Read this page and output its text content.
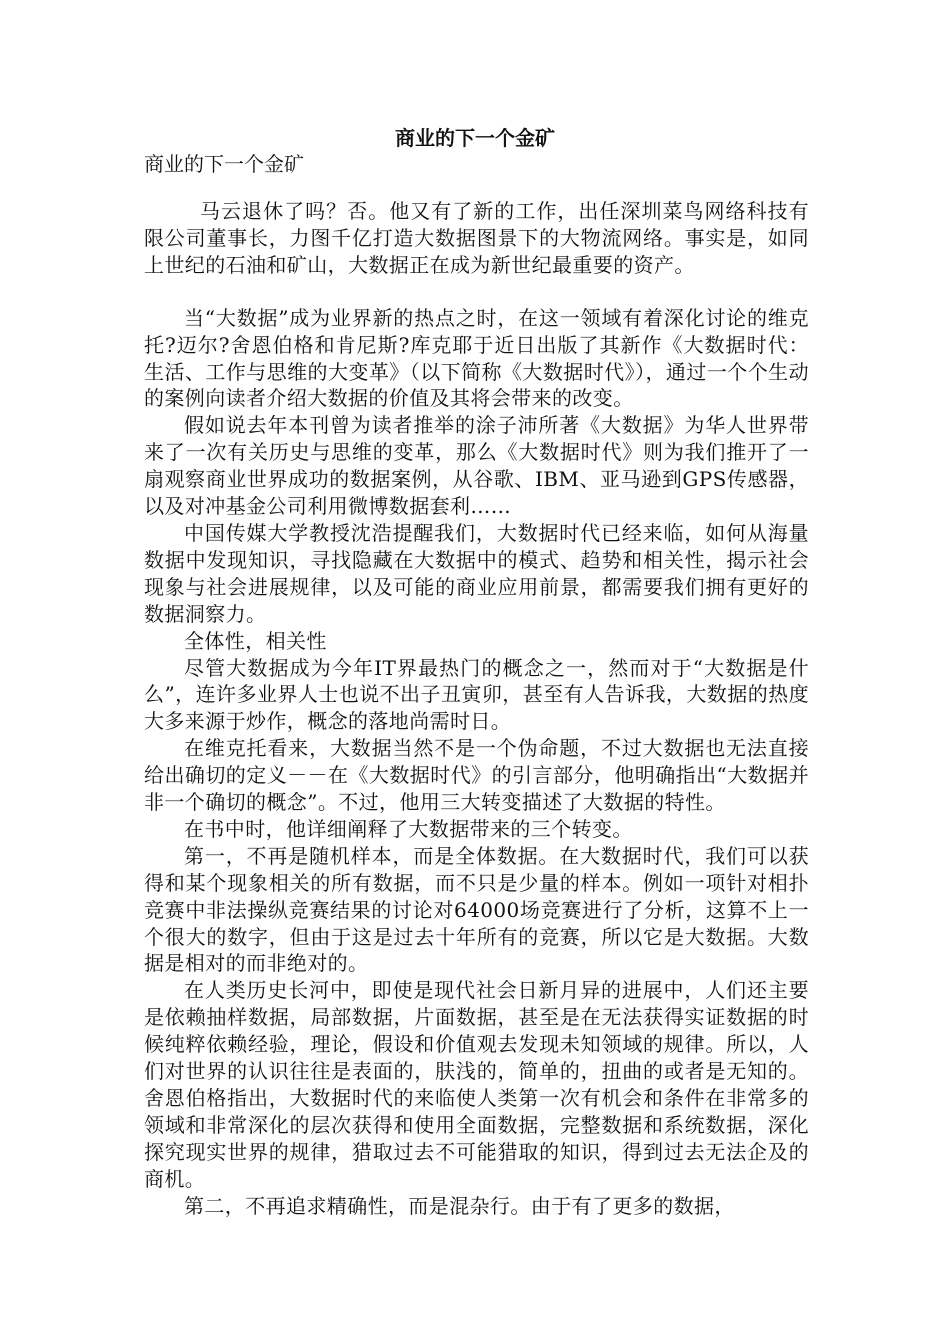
商业的下一个金矿
商业的下一个金矿

马云退休了吗？否。他又有了新的工作，出任深圳菜鸟网络科技有限公司董事长，力图千亿打造大数据图景下的大物流网络。事实是，如同上世纪的石油和矿山，大数据正在成为新世纪最重要的资产。

当“大数据”成为业界新的热点之时，在这一领域有着深化讨论的维克托?迈尔?舍恩伯格和肯尼斯?库克耶于近日出版了其新作《大数据时代：生活、工作与思维的大变革》（以下简称《大数据时代》），通过一个个生动的案例向读者介绍大数据的价值及其将会带来的改变。

假如说去年本刊曾为读者推举的涂子沛所著《大数据》为华人世界带来了一次有关历史与思维的变革，那么《大数据时代》则为我们推开了一扇观察商业世界成功的数据案例，从谷歌、IBM、亚马逊到GPS传感器，以及对冲基金公司利用微博数据套利……

中国传媒大学教授沈浩提醒我们，大数据时代已经来临，如何从海量数据中发现知识，寻找隐藏在大数据中的模式、趋势和相关性，揭示社会现象与社会进展规律，以及可能的商业应用前景，都需要我们拥有更好的数据洞察力。

全体性，相关性

尽管大数据成为今年IT界最热门的概念之一，然而对于“大数据是什么”，连许多业界人士也说不出子丑寅卯，甚至有人告诉我，大数据的热度大多来源于炒作，概念的落地尚需时日。

在维克托看来，大数据当然不是一个伪命题，不过大数据也无法直接给出确切的定义－－在《大数据时代》的引言部分，他明确指出“大数据并非一个确切的概念”。不过，他用三大转变描述了大数据的特性。

在书中时，他详细阐释了大数据带来的三个转变。

第一，不再是随机样本，而是全体数据。在大数据时代，我们可以获得和某个现象相关的所有数据，而不只是少量的样本。例如一项针对相扑竞赛中非法操纵竞赛结果的讨论对64000场竞赛进行了分析，这算不上一个很大的数字，但由于这是过去十年所有的竞赛，所以它是大数据。大数据是相对的而非绝对的。

在人类历史长河中，即使是现代社会日新月异的进展中，人们还主要是依赖抽样数据，局部数据，片面数据，甚至是在无法获得实证数据的时候纯粹依赖经验，理论，假设和价值观去发现未知领域的规律。所以，人们对世界的认识往往是表面的，肤浅的，简单的，扭曲的或者是无知的。舍恩伯格指出，大数据时代的来临使人类第一次有机会和条件在非常多的领域和非常深化的层次获得和使用全面数据，完整数据和系统数据，深化探究现实世界的规律，猎取过去不可能猎取的知识，得到过去无法企及的商机。

第二，不再追求精确性，而是混杂行。由于有了更多的数据，
